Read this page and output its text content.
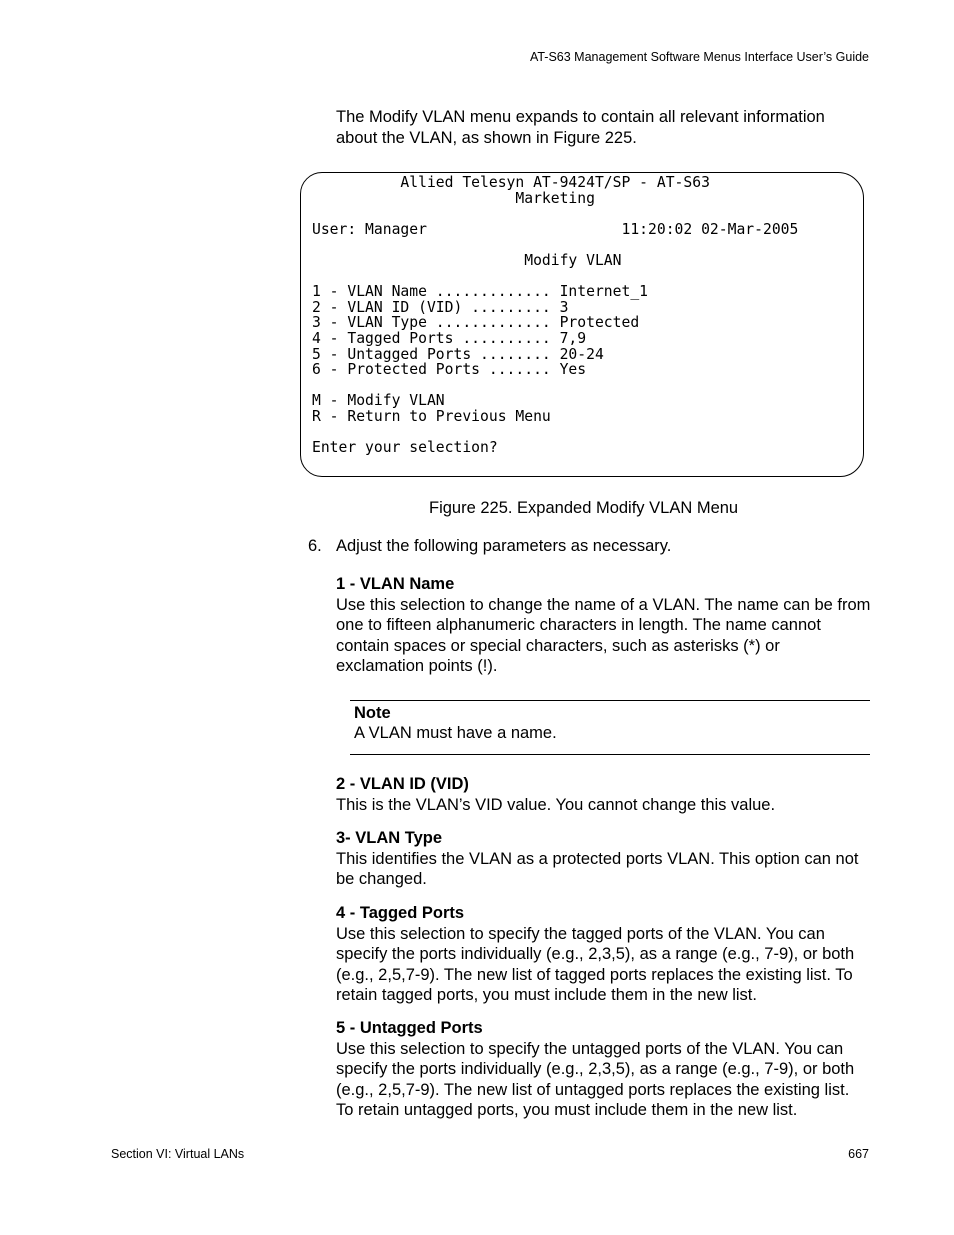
AT-S63 Management Software Menus Interface User’s Guide
The Modify VLAN menu expands to contain all relevant information about the VLAN, as shown in Figure 225.
Allied Telesyn AT-9424T/SP - AT-S63
Marketing

User: Manager                      11:20:02 02-Mar-2005

Modify VLAN

1 - VLAN Name ............. Internet_1
2 - VLAN ID (VID) ......... 3
3 - VLAN Type ............. Protected
4 - Tagged Ports .......... 7,9
5 - Untagged Ports ........ 20-24
6 - Protected Ports ....... Yes

M - Modify VLAN
R - Return to Previous Menu

Enter your selection?

Figure 225. Expanded Modify VLAN Menu
6. Adjust the following parameters as necessary.
1 - VLAN Name
Use this selection to change the name of a VLAN. The name can be from one to fifteen alphanumeric characters in length. The name cannot contain spaces or special characters, such as asterisks (*) or exclamation points (!).
Note
A VLAN must have a name.
2 - VLAN ID (VID)
This is the VLAN’s VID value. You cannot change this value.
3- VLAN Type
This identifies the VLAN as a protected ports VLAN. This option can not be changed.
4 - Tagged Ports
Use this selection to specify the tagged ports of the VLAN. You can specify the ports individually (e.g., 2,3,5), as a range (e.g., 7-9), or both (e.g., 2,5,7-9). The new list of tagged ports replaces the existing list. To retain tagged ports, you must include them in the new list.
5 - Untagged Ports
Use this selection to specify the untagged ports of the VLAN. You can specify the ports individually (e.g., 2,3,5), as a range (e.g., 7-9), or both (e.g., 2,5,7-9). The new list of untagged ports replaces the existing list. To retain untagged ports, you must include them in the new list.
Section VI: Virtual LANs	667
